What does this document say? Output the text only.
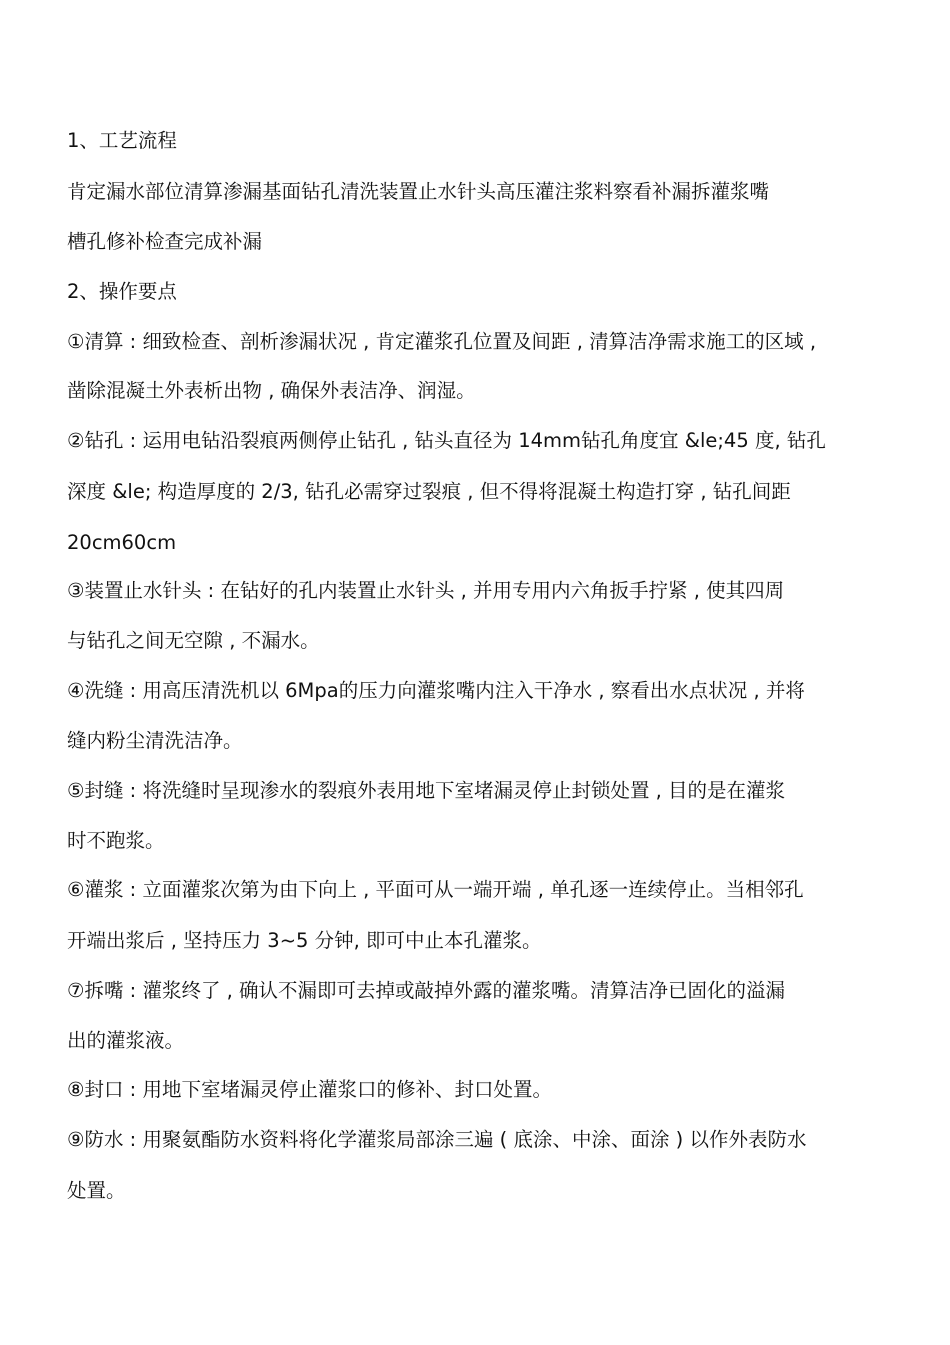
1、工艺流程
肯定漏水部位清算渗漏基面钻孔清洗装置止水针头高压灌注浆料察看补漏拆灌浆嘴
槽孔修补检查完成补漏
2、操作要点
①清算 : 细致检查、剖析渗漏状况 , 肯定灌浆孔位置及间距 , 清算洁净需求施工的区域 ,
凿除混凝土外表析出物 , 确保外表洁净、润湿。
②钻孔 : 运用电钻沿裂痕两侧停止钻孔 , 钻头直径为 14mm钻孔角度宜 &le;45 度, 钻孔
深度 &le; 构造厚度的 2/3, 钻孔必需穿过裂痕 , 但不得将混凝土构造打穿 , 钻孔间距
20cm60cm
③装置止水针头 : 在钻好的孔内装置止水针头 , 并用专用内六角扳手拧紧 , 使其四周
与钻孔之间无空隙 , 不漏水。
④洗缝 : 用高压清洗机以 6Mpa的压力向灌浆嘴内注入干净水 , 察看出水点状况 , 并将
缝内粉尘清洗洁净。
⑤封缝 : 将洗缝时呈现渗水的裂痕外表用地下室堵漏灵停止封锁处置 , 目的是在灌浆
时不跑浆。
⑥灌浆 : 立面灌浆次第为由下向上 , 平面可从一端开端 , 单孔逐一连续停止。当相邻孔
开端出浆后 , 坚持压力 3~5 分钟, 即可中止本孔灌浆。
⑦拆嘴 : 灌浆终了 , 确认不漏即可去掉或敲掉外露的灌浆嘴。清算洁净已固化的溢漏
出的灌浆液。
⑧封口 : 用地下室堵漏灵停止灌浆口的修补、封口处置。
⑨防水 : 用聚氨酯防水资料将化学灌浆局部涂三遍 ( 底涂、中涂、面涂 ) 以作外表防水
处置。
